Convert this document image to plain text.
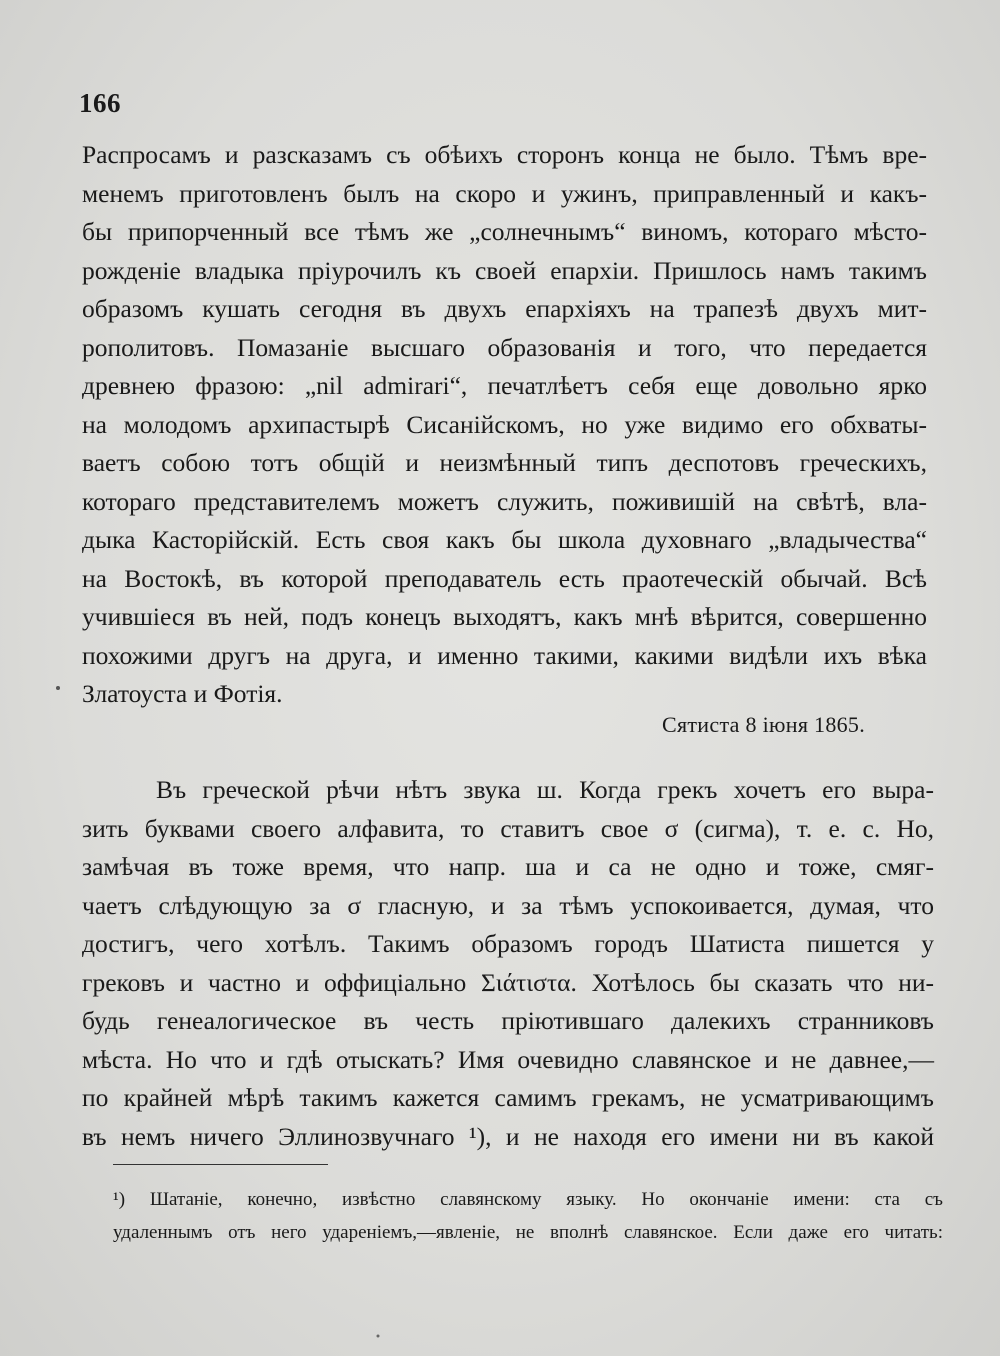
166
Распросамъ и разсказамъ съ обѣихъ сторонъ конца не было. Тѣмъ вре-
менемъ приготовленъ былъ на скоро и ужинъ, приправленный и какъ-
бы припорченный все тѣмъ же „солнечнымъ“ виномъ, котораго мѣсто-
рожденіе владыка пріурочилъ къ своей епархіи. Пришлось намъ такимъ
образомъ кушать сегодня въ двухъ епархіяхъ на трапезѣ двухъ мит-
рополитовъ. Помазаніе высшаго образованія и того, что передается
древнею фразою: „nil admirari“, печатлѣетъ себя еще довольно ярко
на молодомъ архипастырѣ Сисанійскомъ, но уже видимо его обхваты-
ваетъ собою тотъ общій и неизмѣнный типъ деспотовъ греческихъ,
котораго представителемъ можетъ служить, поживишій на свѣтѣ, вла-
дыка Касторійскій. Есть своя какъ бы школа духовнаго „владычества“
на Востокѣ, въ которой преподаватель есть праотеческій обычай. Всѣ
учившіеся въ ней, подъ конецъ выходятъ, какъ мнѣ вѣрится, совершенно
похожими другъ на друга, и именно такими, какими видѣли ихъ вѣка
Златоуста и Фотія.
Сятиста 8 іюня 1865.
Въ греческой рѣчи нѣтъ звука ш. Когда грекъ хочетъ его выра-
зить буквами своего алфавита, то ставитъ свое σ (сигма), т. е. с. Но,
замѣчая въ тоже время, что напр. ша и са не одно и тоже, смяг-
чаетъ слѣдующую за σ гласную, и за тѣмъ успокоивается, думая, что
достигъ, чего хотѣлъ. Такимъ образомъ городъ Шатиста пишется у
грековъ и частно и оффиціально Σιάτιστα. Хотѣлось бы сказать что ни-
будь генеалогическое въ честь пріютившаго далекихъ странниковъ
мѣста. Но что и гдѣ отыскать? Имя очевидно славянское и не давнее,—
по крайней мѣрѣ такимъ кажется самимъ грекамъ, не усматривающимъ
въ немъ ничего Эллинозвучнаго ¹), и не находя его имени ни въ какой
¹) Шатаніе, конечно, извѣстно славянскому языку. Но окончаніе имени: ста съ
удаленнымъ отъ него удареніемъ,—явленіе, не вполнѣ славянское. Если даже его читать:
